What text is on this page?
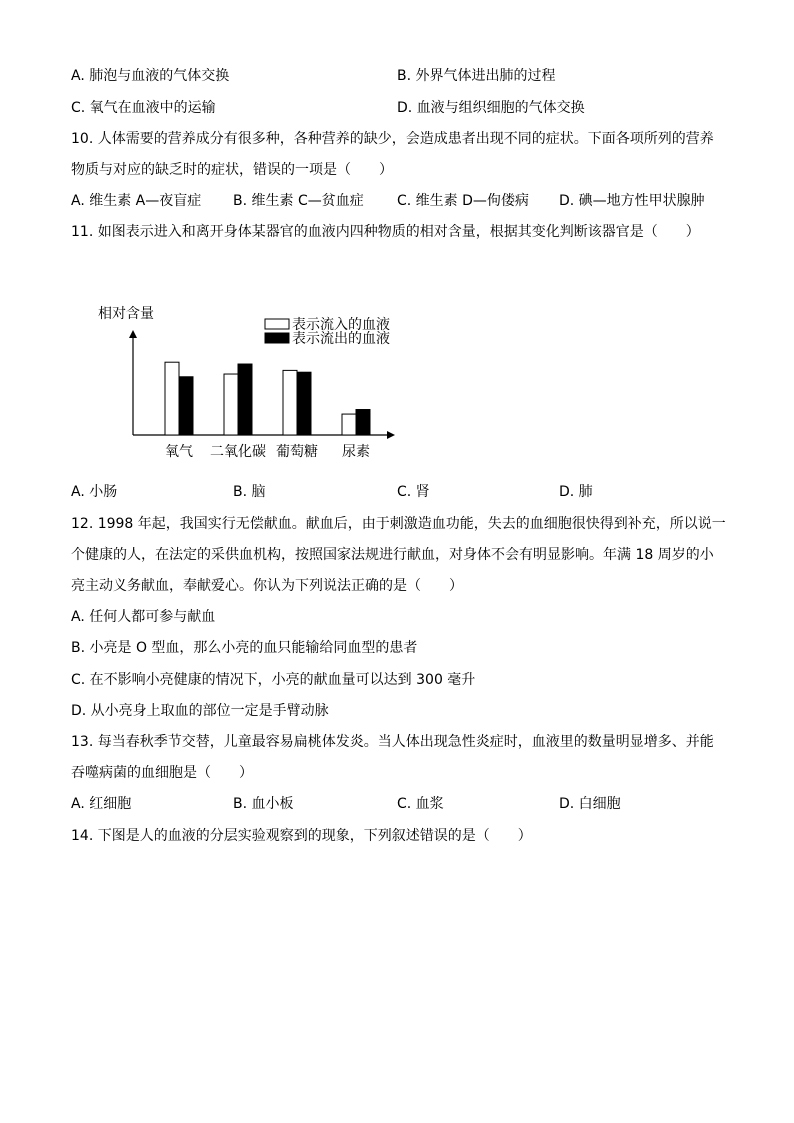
A. 肺泡与血液的气体交换	B. 外界气体进出肺的过程
C. 氧气在血液中的运输	D. 血液与组织细胞的气体交换
10. 人体需要的营养成分有很多种，各种营养的缺少，会造成患者出现不同的症状。下面各项所列的营养
物质与对应的缺乏时的症状，错误的一项是（　　）
A. 维生素 A—夜盲症 B. 维生素 C—贫血症 C. 维生素 D—佝偻病 D. 碘—地方性甲状腺肿
11. 如图表示进入和离开身体某器官的血液内四种物质的相对含量，根据其变化判断该器官是（　　）
相对含量
表示流入的血液
表示流出的血液
氧气 二氧化碳 葡萄糖 尿素
A. 小肠	B. 脑	C. 肾	D. 肺
12. 1998 年起，我国实行无偿献血。献血后，由于刺激造血功能，失去的血细胞很快得到补充，所以说一
个健康的人，在法定的采供血机构，按照国家法规进行献血，对身体不会有明显影响。年满 18 周岁的小
亮主动义务献血，奉献爱心。你认为下列说法正确的是（　　）
A. 任何人都可参与献血
B. 小亮是 O 型血，那么小亮的血只能输给同血型的患者
C. 在不影响小亮健康的情况下，小亮的献血量可以达到 300 毫升
D. 从小亮身上取血的部位一定是手臂动脉
13. 每当春秋季节交替，儿童最容易扁桃体发炎。当人体出现急性炎症时，血液里的数量明显增多、并能
吞噬病菌的血细胞是（　　）
A. 红细胞	B. 血小板	C. 血浆	D. 白细胞
14. 下图是人的血液的分层实验观察到的现象，下列叙述错误的是（　　）
